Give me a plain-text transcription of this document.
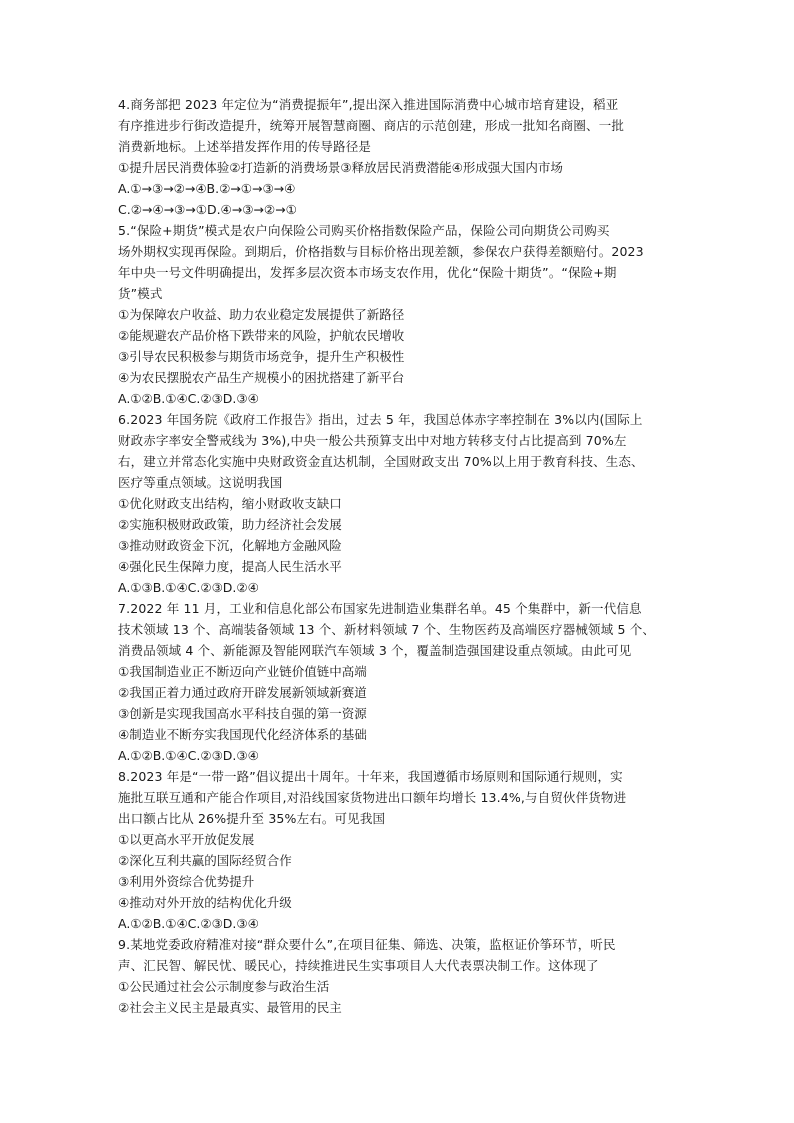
4.商务部把 2023 年定位为“消费提振年”,提出深入推进国际消费中心城市培育建设，稻亚
有序推进步行街改造提升，统筹开展智慧商圈、商店的示范创建，形成一批知名商圈、一批
消费新地标。上述举措发挥作用的传导路径是
①提升居民消费体验②打造新的消费场景③释放居民消费潜能④形成强大国内市场
A.①→③→②→④B.②→①→③→④
C.②→④→③→①D.④→③→②→①
5.“保险+期货”模式是农户向保险公司购买价格指数保险产品，保险公司向期货公司购买
场外期权实现再保险。到期后，价格指数与目标价格出现差额，参保农户获得差额赔付。2023
年中央一号文件明确提出，发挥多层次资本市场支农作用，优化“保险十期货”。“保险+期
货”模式
①为保障农户收益、助力农业稳定发展提供了新路径
②能规避农产品价格下跌带来的风险，护航农民增收
③引导农民积极参与期货市场竞争，提升生产积极性
④为农民摆脱农产品生产规模小的困扰搭建了新平台
A.①②B.①④C.②③D.③④
6.2023 年国务院《政府工作报告》指出，过去 5 年，我国总体赤字率控制在 3%以内(国际上
财政赤字率安全警戒线为 3%),中央一般公共预算支出中对地方转移支付占比提高到 70%左
右，建立并常态化实施中央财政资金直达机制，全国财政支出 70%以上用于教育科技、生态、
医疗等重点领域。这说明我国
①优化财政支出结构，缩小财政收支缺口
②实施积极财政政策，助力经济社会发展
③推动财政资金下沉，化解地方金融风险
④强化民生保障力度，提高人民生活水平
A.①③B.①④C.②③D.②④
7.2022 年 11 月，工业和信息化部公布国家先进制造业集群名单。45 个集群中，新一代信息
技术领域 13 个、高端装备领域 13 个、新材料领域 7 个、生物医药及高端医疗器械领域 5 个、
消费品领域 4 个、新能源及智能网联汽车领域 3 个，覆盖制造强国建设重点领域。由此可见
①我国制造业正不断迈向产业链价值链中高端
②我国正着力通过政府开辟发展新领域新赛道
③创新是实现我国高水平科技自强的第一资源
④制造业不断夯实我国现代化经济体系的基础
A.①②B.①④C.②③D.③④
8.2023 年是“一带一路”倡议提出十周年。十年来，我国遵循市场原则和国际通行规则，实
施批互联互通和产能合作项目,对沿线国家货物进出口额年均增长 13.4%,与自贸伙伴货物进
出口额占比从 26%提升至 35%左右。可见我国
①以更高水平开放促发展
②深化互利共赢的国际经贸合作
③利用外资综合优势提升
④推动对外开放的结构优化升级
A.①②B.①④C.②③D.③④
9.某地党委政府精准对接“群众要什么”,在项目征集、筛选、决策，监枢证价筝环节，听民
声、汇民智、解民忧、暖民心，持续推进民生实事项目人大代表票决制工作。这体现了
①公民通过社会公示制度参与政治生活
②社会主义民主是最真实、最管用的民主
